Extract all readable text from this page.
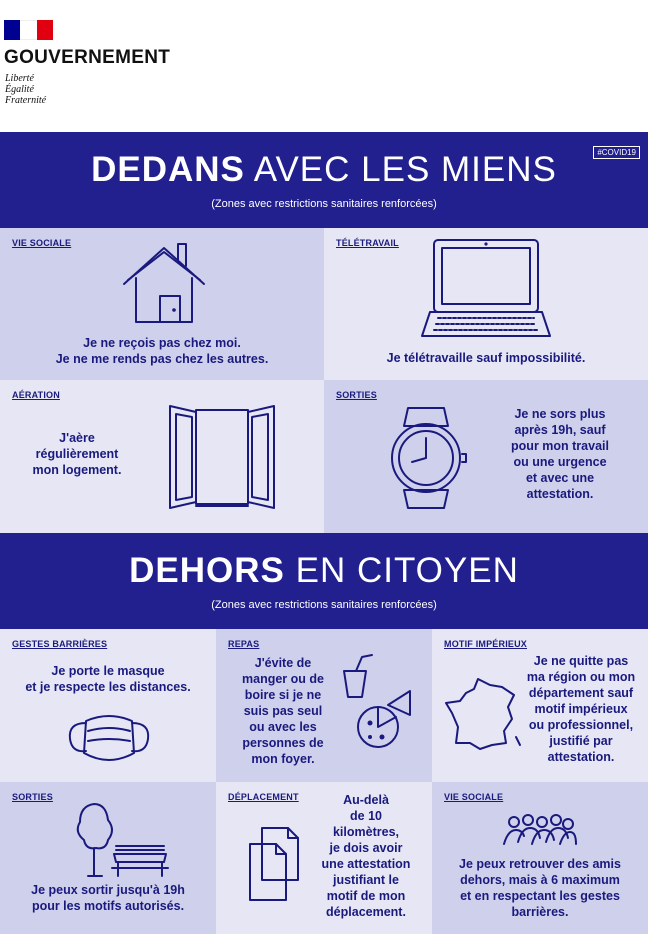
GOUVERNEMENT
Liberté
Égalité
Fraternité
DEDANS AVEC LES MIENS
(Zones avec restrictions sanitaires renforcées)
#COVID19
VIE SOCIALE
Je ne reçois pas chez moi.
Je ne me rends pas chez les autres.
TÉLÉTRAVAIL
Je télétravaille sauf impossibilité.
AÉRATION
J'aère
régulièrement
mon logement.
SORTIES
Je ne sors plus
après 19h, sauf
pour mon travail
ou une urgence
et avec une
attestation.
DEHORS EN CITOYEN
(Zones avec restrictions sanitaires renforcées)
GESTES BARRIÈRES
Je porte le masque
et je respecte les distances.
REPAS
J'évite de
manger ou de
boire si je ne
suis pas seul
ou avec les
personnes de
mon foyer.
MOTIF IMPÉRIEUX
Je ne quitte pas
ma région ou mon
département sauf
motif impérieux
ou professionnel,
justifié par
attestation.
SORTIES
Je peux sortir jusqu'à 19h
pour les motifs autorisés.
DÉPLACEMENT	Au-delà
de 10
kilomètres,
je dois avoir
une attestation
justifiant le
motif de mon
déplacement.
VIE SOCIALE
Je peux retrouver des amis
dehors, mais à 6 maximum
et en respectant les gestes
barrières.
